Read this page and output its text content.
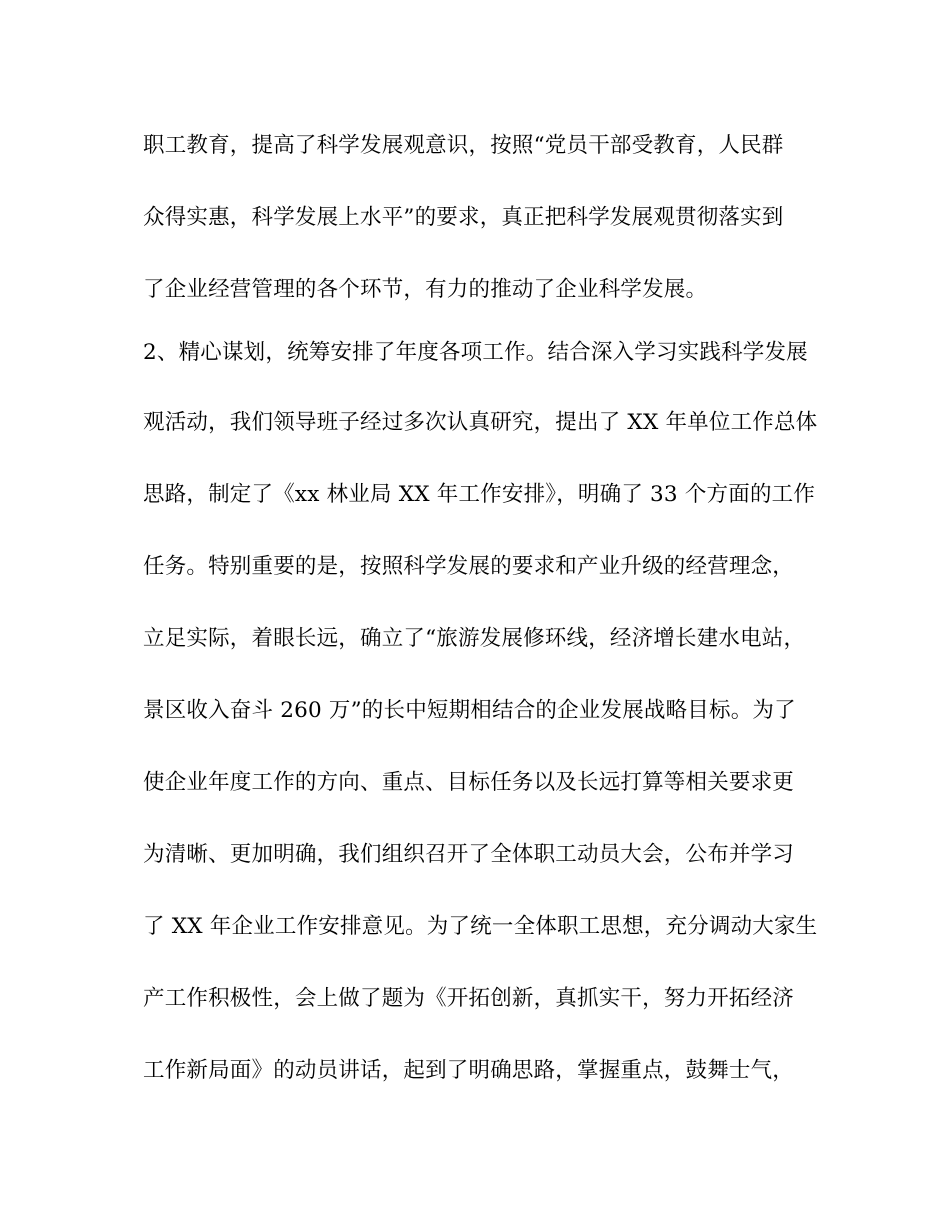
职工教育，提高了科学发展观意识，按照“党员干部受教育，人民群
众得实惠，科学发展上水平”的要求，真正把科学发展观贯彻落实到
了企业经营管理的各个环节，有力的推动了企业科学发展。
2、精心谋划，统筹安排了年度各项工作。结合深入学习实践科学发展
观活动，我们领导班子经过多次认真研究，提出了 XX 年单位工作总体
思路，制定了《xx 林业局 XX 年工作安排》，明确了 33 个方面的工作
任务。特别重要的是，按照科学发展的要求和产业升级的经营理念，
立足实际，着眼长远，确立了“旅游发展修环线，经济增长建水电站，
景区收入奋斗 260 万”的长中短期相结合的企业发展战略目标。为了
使企业年度工作的方向、重点、目标任务以及长远打算等相关要求更
为清晰、更加明确，我们组织召开了全体职工动员大会，公布并学习
了 XX 年企业工作安排意见。为了统一全体职工思想，充分调动大家生
产工作积极性，会上做了题为《开拓创新，真抓实干，努力开拓经济
工作新局面》的动员讲话，起到了明确思路，掌握重点，鼓舞士气，
